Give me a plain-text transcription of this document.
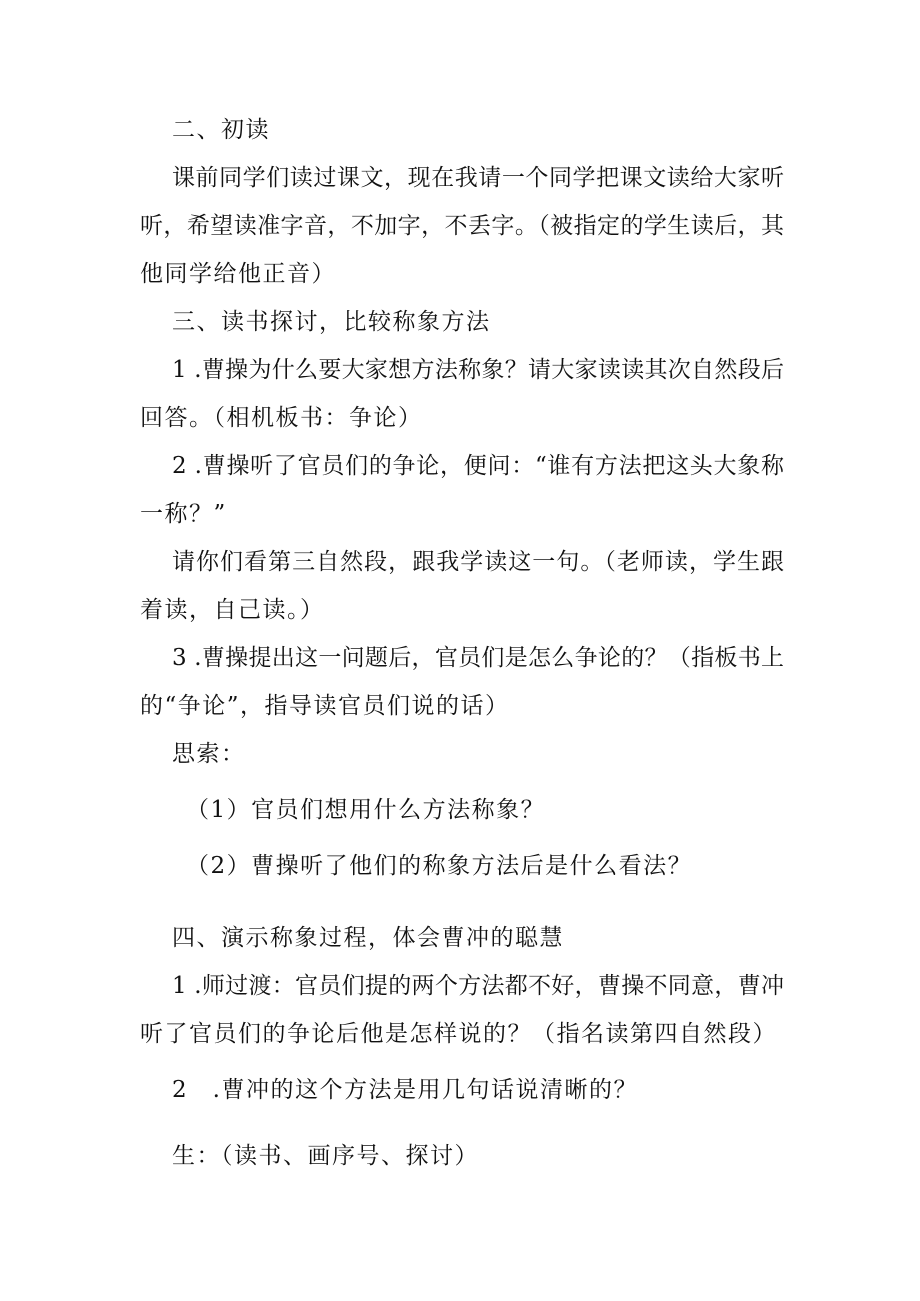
二、初读
课前同学们读过课文，现在我请一个同学把课文读给大家听
听，希望读准字音，不加字，不丢字。（被指定的学生读后，其
他同学给他正音）
三、读书探讨，比较称象方法
1 .曹操为什么要大家想方法称象？请大家读读其次自然段后
回答。（相机板书：争论）
2 .曹操听了官员们的争论，便问：“谁有方法把这头大象称
一称？”
请你们看第三自然段，跟我学读这一句。（老师读，学生跟
着读，自己读。）
3 .曹操提出这一问题后，官员们是怎么争论的？（指板书上
的“争论”，指导读官员们说的话）
思索：
（1）官员们想用什么方法称象？
（2）曹操听了他们的称象方法后是什么看法？
四、演示称象过程，体会曹冲的聪慧
1 .师过渡：官员们提的两个方法都不好，曹操不同意，曹冲
听了官员们的争论后他是怎样说的？（指名读第四自然段）
2　.曹冲的这个方法是用几句话说清晰的？
生：（读书、画序号、探讨）
